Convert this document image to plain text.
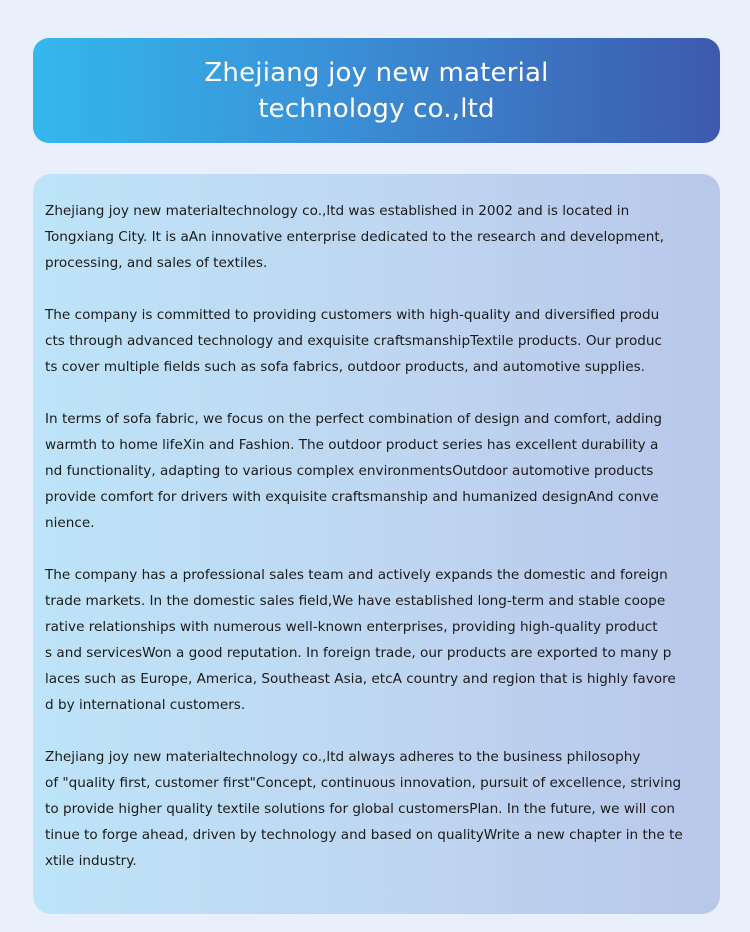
Zhejiang joy new material
technology co.,ltd

Zhejiang joy new materialtechnology co.,ltd was established in 2002 and is located in
Tongxiang City. It is aAn innovative enterprise dedicated to the research and development,
processing, and sales of textiles.

The company is committed to providing customers with high-quality and diversified produ
cts through advanced technology and exquisite craftsmanshipTextile products. Our produc
ts cover multiple fields such as sofa fabrics, outdoor products, and automotive supplies.

In terms of sofa fabric, we focus on the perfect combination of design and comfort, adding
warmth to home lifeXin and Fashion. The outdoor product series has excellent durability a
nd functionality, adapting to various complex environmentsOutdoor automotive products
provide comfort for drivers with exquisite craftsmanship and humanized designAnd conve
nience.

The company has a professional sales team and actively expands the domestic and foreign
trade markets. In the domestic sales field,We have established long-term and stable coope
rative relationships with numerous well-known enterprises, providing high-quality product
s and servicesWon a good reputation. In foreign trade, our products are exported to many p
laces such as Europe, America, Southeast Asia, etcA country and region that is highly favore
d by international customers.

Zhejiang joy new materialtechnology co.,ltd always adheres to the business philosophy
of "quality first, customer first"Concept, continuous innovation, pursuit of excellence, striving
to provide higher quality textile solutions for global customersPlan. In the future, we will con
tinue to forge ahead, driven by technology and based on qualityWrite a new chapter in the te
xtile industry.
